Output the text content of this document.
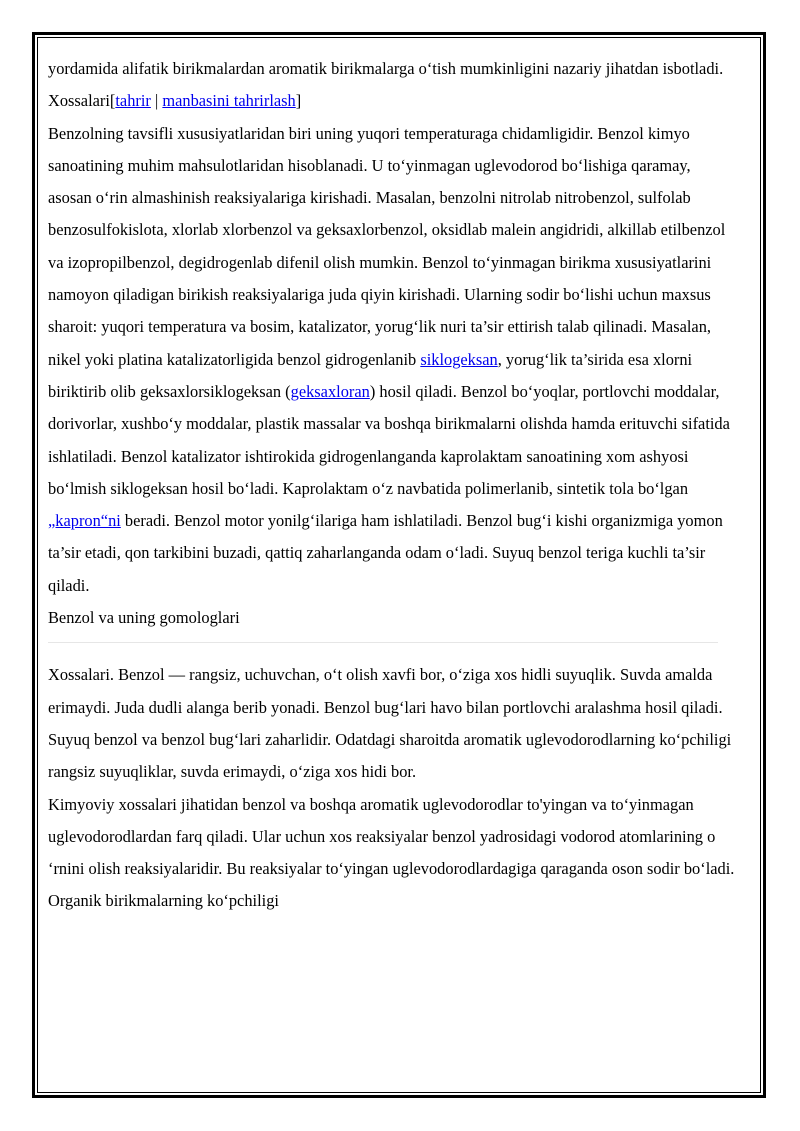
yordamida alifatik birikmalardan aromatik birikmalarga o‘tish mumkinligini nazariy jihatdan isbotladi.

Xossalari[tahrir | manbasini tahrirlash]

Benzolning tavsifli xususiyatlaridan biri uning yuqori temperaturaga chidamligidir. Benzol kimyo sanoatining muhim mahsulotlaridan hisoblanadi. U to‘yinmagan uglevodorod bo‘lishiga qaramay, asosan o‘rin almashinish reaksiyalariga kirishadi. Masalan, benzolni nitrolab nitrobenzol, sulfolab benzosulfokislota, xlorlab xlorbenzol va geksaxlorbenzol, oksidlab malein angidridi, alkillab etilbenzol va izopropilbenzol, degidrogenlab difenil olish mumkin. Benzol to‘yinmagan birikma xususiyatlarini namoyon qiladigan birikish reaksiyalariga juda qiyin kirishadi. Ularning sodir bo‘lishi uchun maxsus sharoit: yuqori temperatura va bosim, katalizator, yorug‘lik nuri ta’sir ettirish talab qilinadi. Masalan, nikel yoki platina katalizatorligida benzol gidrogenlanib siklogeksan, yorug‘lik ta’sirida esa xlorni biriktirib olib geksaxlorsiklogeksan (geksaxloran) hosil qiladi. Benzol bo‘yoqlar, portlovchi moddalar, dorivorlar, xushbo‘y moddalar, plastik massalar va boshqa birikmalarni olishda hamda erituvchi sifatida ishlatiladi. Benzol katalizator ishtirokida gidrogenlanganda kaprolaktam sanoatining xom ashyosi bo‘lmish siklogeksan hosil bo‘ladi. Kaprolaktam o‘z navbatida polimerlanib, sintetik tola bo‘lgan „kapron“ni beradi. Benzol motor yonilg‘ilariga ham ishlatiladi. Benzol bug‘i kishi organizmiga yomon ta’sir etadi, qon tarkibini buzadi, qattiq zaharlanganda odam o‘ladi. Suyuq benzol teriga kuchli ta’sir qiladi.

Benzol va uning gomologlari

Xossalari. Benzol — rangsiz, uchuvchan, o‘t olish xavfi bor, o‘ziga xos hidli suyuqlik. Suvda amalda erimaydi. Juda dudli alanga berib yonadi. Benzol bug‘lari havo bilan portlovchi aralashma hosil qiladi. Suyuq benzol va benzol bug‘lari zaharlidir. Odatdagi sharoitda aromatik uglevodorodlarning ko‘pchiligi rangsiz suyuqliklar, suvda erimaydi, o‘ziga xos hidi bor.

Kimyoviy xossalari jihatidan benzol va boshqa aromatik uglevodorodlar to'yingan va to‘yinmagan uglevodorodlardan farq qiladi. Ular uchun xos reaksiyalar benzol yadrosidagi vodorod atomlarining o ‘rnini olish reaksiyalaridir. Bu reaksiyalar to‘yingan uglevodorodlardagiga qaraganda oson sodir bo‘ladi. Organik birikmalarning ko‘pchiligi
